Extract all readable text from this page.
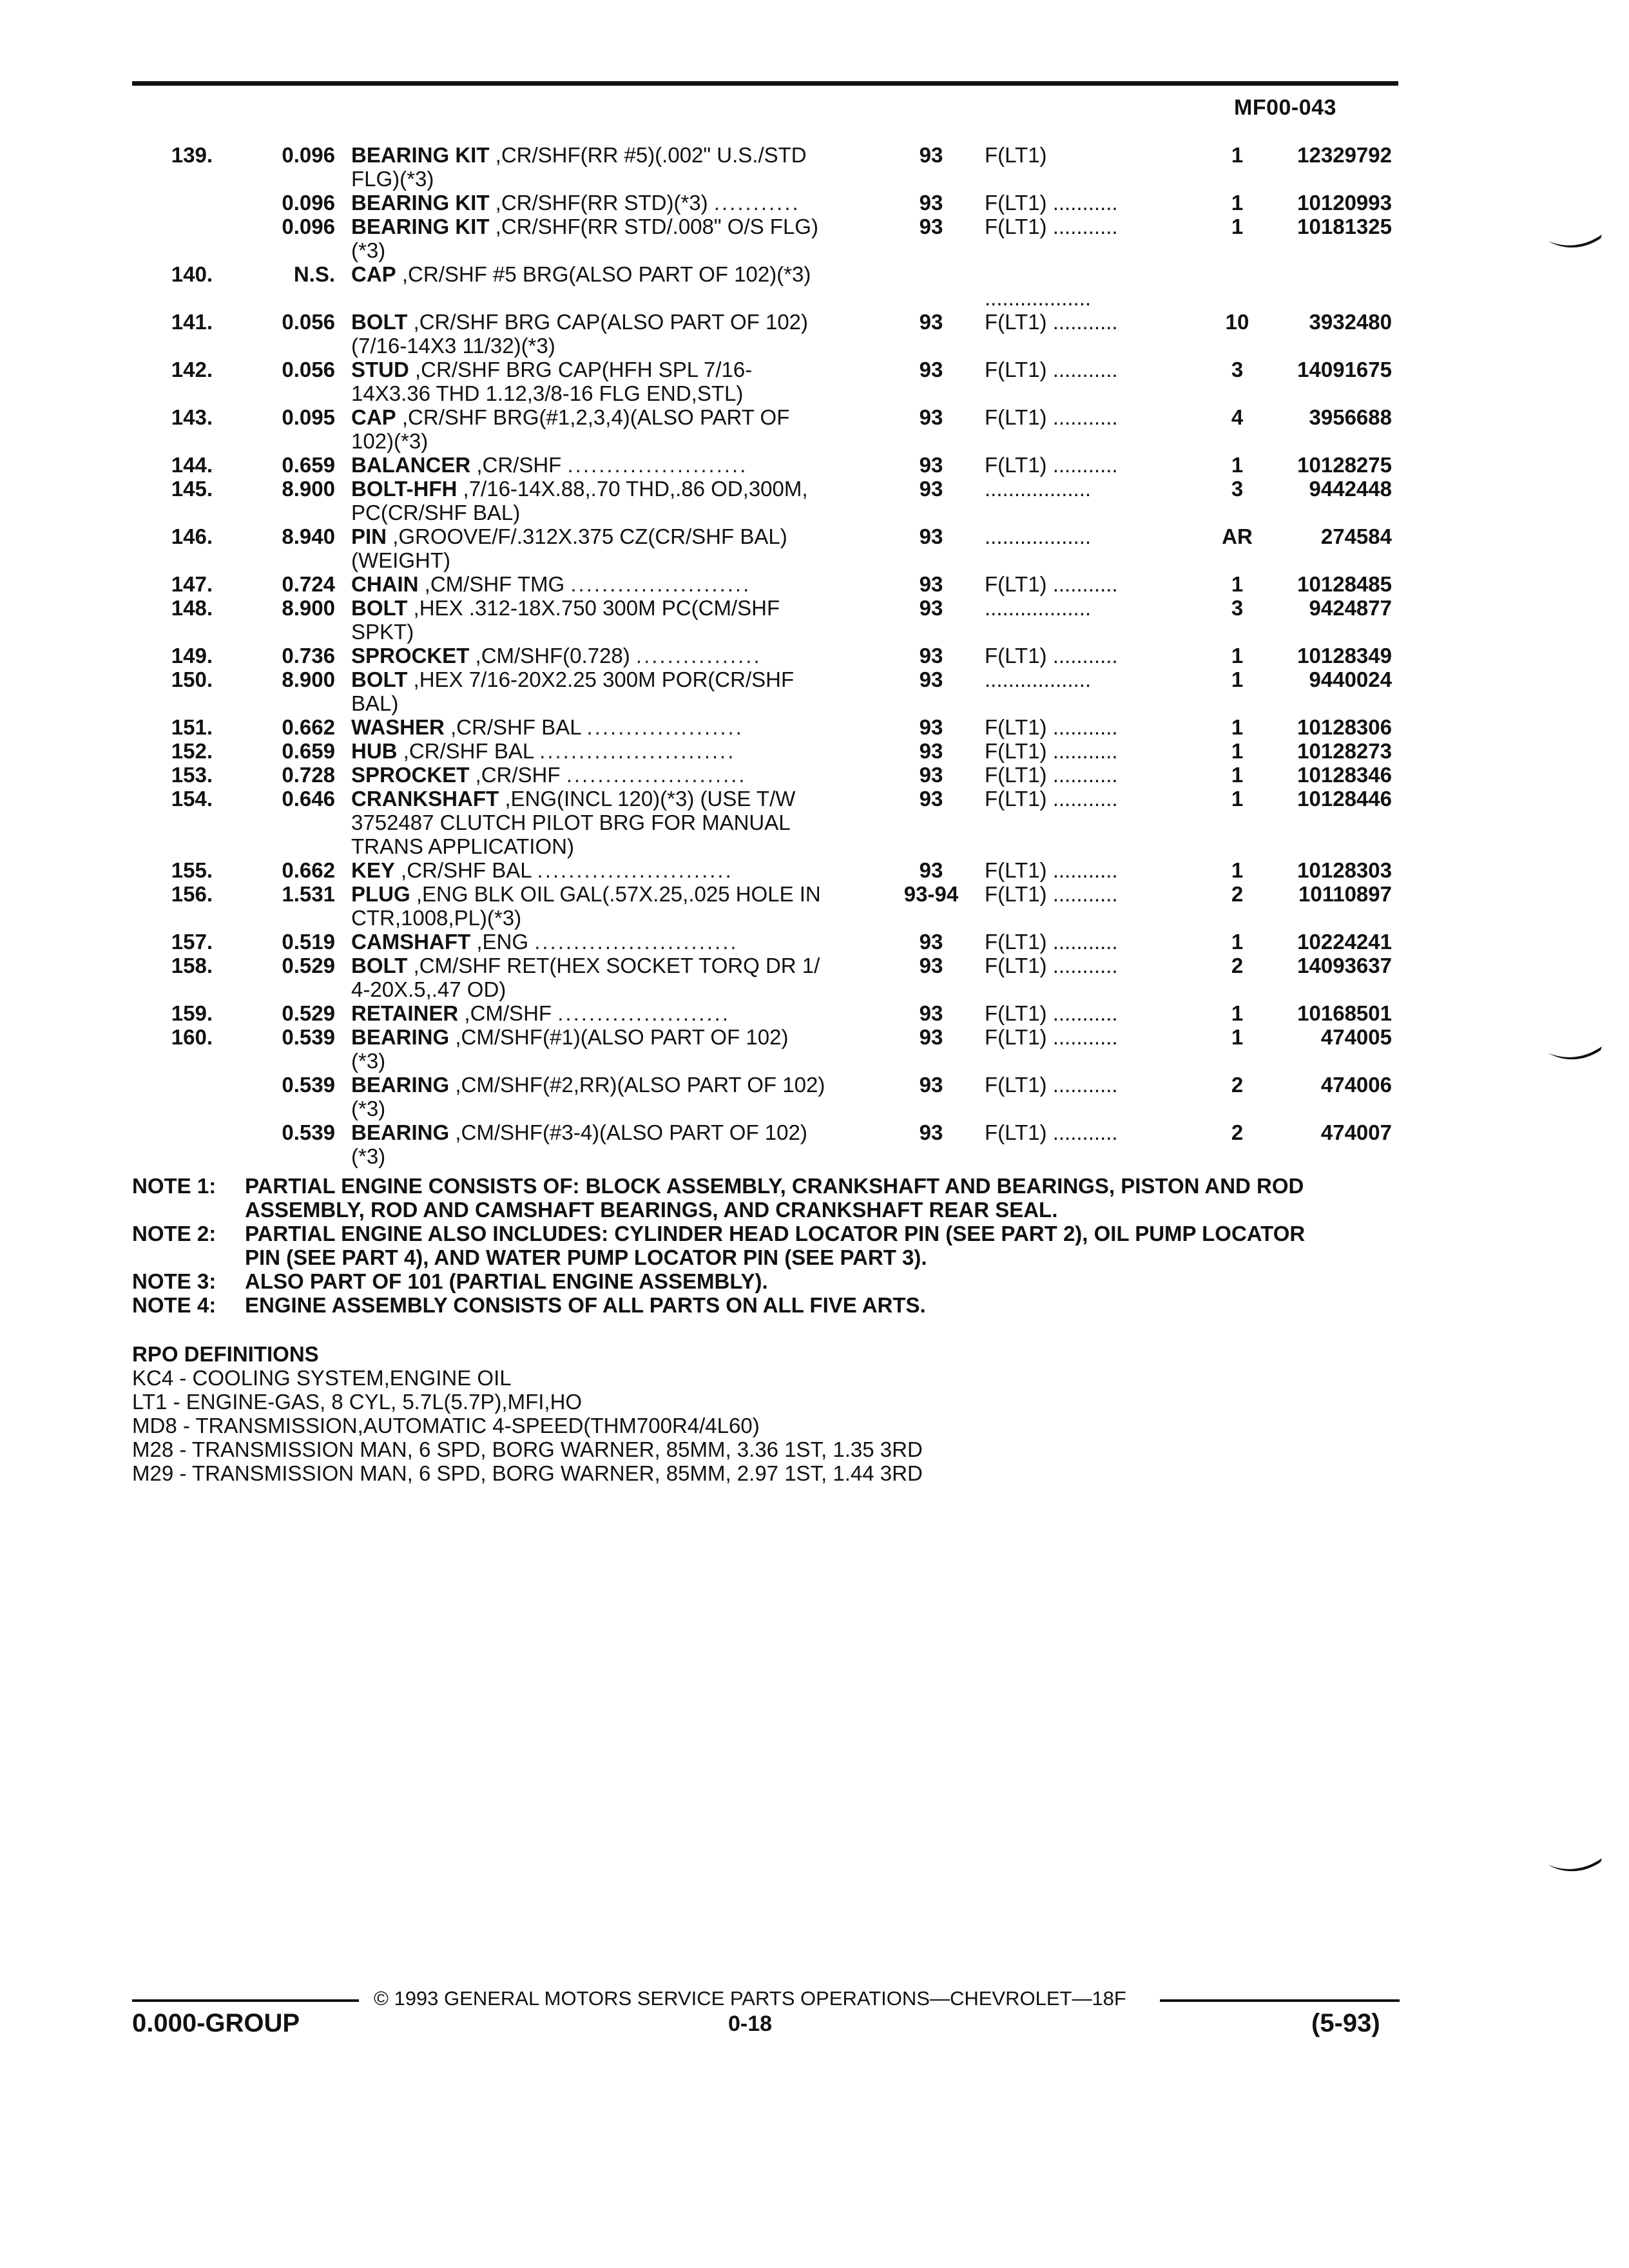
MF00-043
139.	0.096 BEARING KIT ,CR/SHF(RR #5)(.002" U.S./STD	93	F(LT1)	1	12329792
FLG)(*3)
0.096 BEARING KIT ,CR/SHF(RR STD)(*3) ...........	93	F(LT1) ...........	1	10120993
0.096 BEARING KIT ,CR/SHF(RR STD/.008" O/S FLG)	93	F(LT1) ...........	1	10181325
(*3)
140.	N.S. CAP ,CR/SHF #5 BRG(ALSO PART OF 102)(*3)
..................
141.	0.056 BOLT ,CR/SHF BRG CAP(ALSO PART OF 102)	93	F(LT1) ...........	10	3932480
(7/16-14X3 11/32)(*3)
142.	0.056 STUD ,CR/SHF BRG CAP(HFH SPL 7/16-	93	F(LT1) ...........	3	14091675
14X3.36 THD 1.12,3/8-16 FLG END,STL)
143.	0.095 CAP ,CR/SHF BRG(#1,2,3,4)(ALSO PART OF	93	F(LT1) ...........	4	3956688
102)(*3)
144.	0.659 BALANCER ,CR/SHF .......................	93	F(LT1) ...........	1	10128275
145.	8.900 BOLT-HFH ,7/16-14X.88,.70 THD,.86 OD,300M,	93	..................	3	9442448
PC(CR/SHF BAL)
146.	8.940 PIN ,GROOVE/F/.312X.375 CZ(CR/SHF BAL)	93	..................	AR	274584
(WEIGHT)
147.	0.724 CHAIN ,CM/SHF TMG .......................	93	F(LT1) ...........	1	10128485
148.	8.900 BOLT ,HEX .312-18X.750 300M PC(CM/SHF	93	..................	3	9424877
SPKT)
149.	0.736 SPROCKET ,CM/SHF(0.728) ................	93	F(LT1) ...........	1	10128349
150.	8.900 BOLT ,HEX 7/16-20X2.25 300M POR(CR/SHF	93	..................	1	9440024
BAL)
151.	0.662 WASHER ,CR/SHF BAL ....................	93	F(LT1) ...........	1	10128306
152.	0.659 HUB ,CR/SHF BAL .........................	93	F(LT1) ...........	1	10128273
153.	0.728 SPROCKET ,CR/SHF .......................	93	F(LT1) ...........	1	10128346
154.	0.646 CRANKSHAFT ,ENG(INCL 120)(*3) (USE T/W	93	F(LT1) ...........	1	10128446
3752487 CLUTCH PILOT BRG FOR MANUAL
TRANS APPLICATION)
155.	0.662 KEY ,CR/SHF BAL .........................	93	F(LT1) ...........	1	10128303
156.	1.531 PLUG ,ENG BLK OIL GAL(.57X.25,.025 HOLE IN	93-94	F(LT1) ...........	2	10110897
CTR,1008,PL)(*3)
157.	0.519 CAMSHAFT ,ENG ..........................	93	F(LT1) ...........	1	10224241
158.	0.529 BOLT ,CM/SHF RET(HEX SOCKET TORQ DR 1/	93	F(LT1) ...........	2	14093637
4-20X.5,.47 OD)
159.	0.529 RETAINER ,CM/SHF ......................	93	F(LT1) ...........	1	10168501
160.	0.539 BEARING ,CM/SHF(#1)(ALSO PART OF 102)	93	F(LT1) ...........	1	474005
(*3)
0.539 BEARING ,CM/SHF(#2,RR)(ALSO PART OF 102)	93	F(LT1) ...........	2	474006
(*3)
0.539 BEARING ,CM/SHF(#3-4)(ALSO PART OF 102)	93	F(LT1) ...........	2	474007
(*3)
NOTE 1: PARTIAL ENGINE CONSISTS OF: BLOCK ASSEMBLY, CRANKSHAFT AND BEARINGS, PISTON AND ROD
ASSEMBLY, ROD AND CAMSHAFT BEARINGS, AND CRANKSHAFT REAR SEAL.
NOTE 2: PARTIAL ENGINE ALSO INCLUDES: CYLINDER HEAD LOCATOR PIN (SEE PART 2), OIL PUMP LOCATOR
PIN (SEE PART 4), AND WATER PUMP LOCATOR PIN (SEE PART 3).
NOTE 3: ALSO PART OF 101 (PARTIAL ENGINE ASSEMBLY).
NOTE 4: ENGINE ASSEMBLY CONSISTS OF ALL PARTS ON ALL FIVE ARTS.
RPO DEFINITIONS
KC4 - COOLING SYSTEM,ENGINE OIL
LT1 - ENGINE-GAS, 8 CYL, 5.7L(5.7P),MFI,HO
MD8 - TRANSMISSION,AUTOMATIC 4-SPEED(THM700R4/4L60)
M28 - TRANSMISSION MAN, 6 SPD, BORG WARNER, 85MM, 3.36 1ST, 1.35 3RD
M29 - TRANSMISSION MAN, 6 SPD, BORG WARNER, 85MM, 2.97 1ST, 1.44 3RD
© 1993 GENERAL MOTORS SERVICE PARTS OPERATIONS—CHEVROLET—18F
0.000-GROUP	0-18	(5-93)
